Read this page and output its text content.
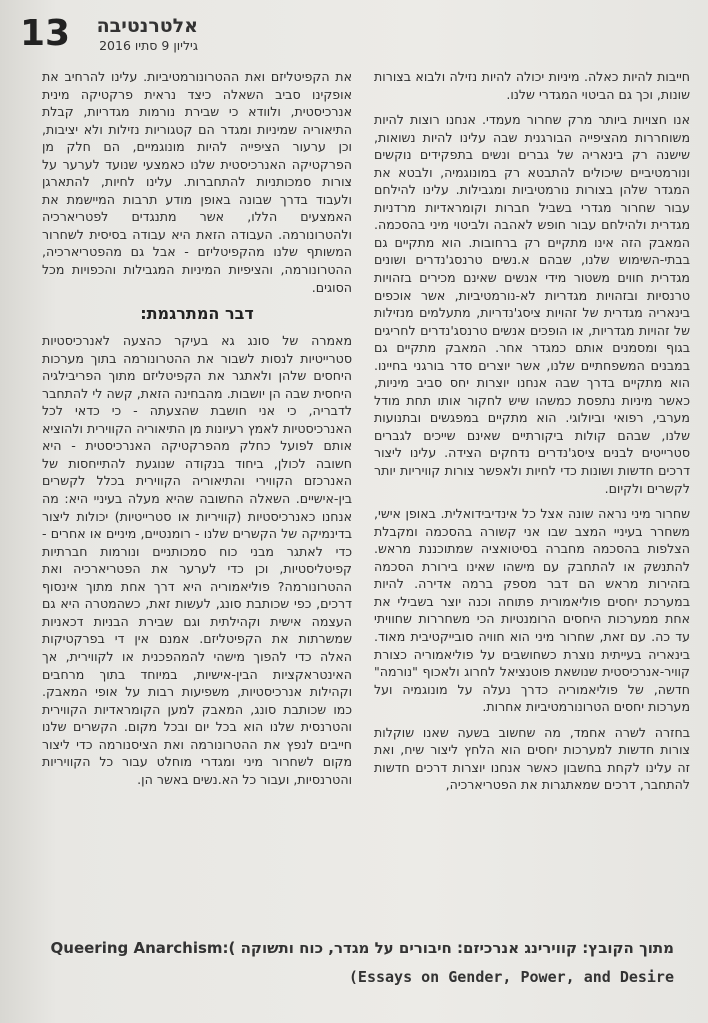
13	אלטרנטיבה
גיליון 9 סתיו 2016

חייבות להיות כאלה. מיניות יכולה להיות נזילה ולבוא בצורות שונות, וכך גם הביטוי המגדרי שלנו.

אנו חצויות ביותר מרק שחרור מעמדי. אנחנו רוצות להיות משוחררות מהציפייה הבורגנית שבה עלינו להיות נשואות, שישנה רק בינאריה של גברים ונשים בתפקידים נוקשים ונורמטיביים שיכולים להתבטא רק במונוגמיה, ולבטא את המגדר שלהן בצורות נורמטיביות ומגבילות. עלינו להילחם עבור שחרור מגדרי בשביל חברות וקומראדיות מרדניות מגדרית ולהילחם עבור חופש לאהבה ולביטוי מיני בהסכמה. המאבק הזה אינו מתקיים רק ברחובות. הוא מתקיים גם בבתי-השימוש שלנו, שבהם א.נשים טרנסג'נדרים ושונים מגדרית חווים משטור מידי אנשים שאינם מכירים בזהויות טרנסיות ובזהויות מגדריות לא-נורמטיביות, אשר אוכפים בינאריה מגדרית של זהויות ציסג'נדריות, מתעלמים מנזילות של זהויות מגדריות, או הופכים אנשים טרנסג'נדרים לחריגים בגוף ומסמנים אותם כמגדר אחר. המאבק מתקיים גם במבנים המשפחתיים שלנו, אשר יוצרים סדר בורגני בחיינו. הוא מתקיים בדרך שבה אנחנו יוצרות יחס סביב מיניות, כאשר מיניות נתפסת כמשהו שיש לחקור אותו תחת מודל מערבי, רפואי וביולוגי. הוא מתקיים במפגשים ובתנועות שלנו, שבהם קולות ביקורתיים שאינם שייכים לגברים סטרייטים לבנים ציסג'נדרים נדחקים הצידה. עלינו ליצור דרכים חדשות ושונות כדי לחיות ולאפשר צורות קוויריות יותר לקשרים ולקיום.

שחרור מיני נראה שונה אצל כל אינדיבידואלית. באופן אישי, משחרר בעיניי המצב שבו אני קשורה בהסכמה ומקבלת הצלפות בהסכמה מחברה בסיטואציה שמתוכננת מראש. להתנשק או להתחבק עם מישהו שאינו בירורת הסכמה בזהירות מראש הם דבר מספק ברמה אדירה. להיות במערכת יחסים פוליאמורית פתוחה וכנה יוצר בשבילי את אחת ממערכות היחסים הרומנטיות הכי משחררות שחוויתי עד כה. עם זאת, שחרור מיני הוא חוויה סובייקטיבית מאוד. בינאריה בעייתית נוצרת כשחושבים על פוליאמוריה כצורת קוויר-אנרכיסטית שנושאת פוטנציאל לחרוג ולאכוף "נורמה" חדשה, של פוליאמוריה כדרך נעלה על מונוגמיה ועל מערכות יחסים הטרונורמטיביות אחרות.

בחזרה לשרה אחמד, מה שחשוב בשעה שאנו שוקלות צורות חדשות למערכות יחסים הוא הלחץ ליצור שיח, ואת זה עלינו לקחת בחשבון כאשר אנחנו יוצרות דרכים חדשות להתחבר, דרכים שמאתגרות את הפטריארכיה,

את הקפיטליזם ואת ההטרונורמטיביות. עלינו להרחיב את אופקינו סביב השאלה כיצד נראית פרקטיקה מינית אנרכיסטית, ולוודא כי שבירת נורמות מגדריות, קבלת התיאוריה שמיניות ומגדר הם קטגוריות נזילות ולא יציבות, וכן ערעור הציפייה להיות מונוגמיים, הם חלק מן הפרקטיקה האנרכיסטית שלנו כאמצעי שנועד לערער על צורות סמכותניות להתחברות. עלינו לחיות, להתארגן ולעבוד בדרך שבונה באופן מודע תרבות המיישמת את האמצעים הללו, אשר מתנגדים לפטריארכיה ולהטרונורמה. העבודה הזאת היא עבודה בסיסית לשחרור המשותף שלנו מהקפיטליזם - אבל גם מהפטריארכיה, ההטרונורמה, והציפיות המיניות המגבילות והכפויות מכל הסוגים.

דבר המתרגמת:

מאמרה של סונג גא בעיקר כהצעה לאנרכיסטיות סטרייטיות לנסות לשבור את ההטרונורמה בתוך מערכות היחסים שלהן ולאתגר את הקפיטליזם מתוך הפריבילגיה היחסית שבה הן יושבות. מהבחינה הזאת, קשה לי להתחבר לדבריה, כי אני חושבת שהצעתה - כי כדאי לכל האנרכיסטיות לאמץ רעיונות מן התיאוריה הקווירית ולהוציא אותם לפועל כחלק מהפרקטיקה האנרכיסטית - היא חשובה לכולן, ביחוד בנקודה שנוגעת להתייחסות של האנרכזם הקווירי והתיאוריה הקווירית בכלל לקשרים בין-אישיים. השאלה החשובה שהיא מעלה בעיניי היא: מה אנחנו כאנרכיסטיות (קוויריות או סטרייטיות) יכולות ליצור בדינמיקה של הקשרים שלנו - רומנטיים, מיניים או אחרים - כדי לאתגר מבני כוח סמכותניים ונורמות חברתיות קפיטליסטיות, וכן כדי לערער את הפטריארכיה ואת ההטרונורמה? פוליאמוריה היא דרך אחת מתוך אינסוף דרכים, כפי שכותבת סונג, לעשות זאת, כשהמטרה היא גם העצמה אישית וקהילתית וגם שבירת הבניות דכאניות שמשרתות את הקפיטליזם. אמנם אין די בפרקטיקות האלה כדי להפוך מישהי להמהפכנית או לקווירית, אך האינטראקציות הבין-אישיות, במיוחד בתוך מרחבים וקהילות אנרכיסטיות, משפיעות רבות על אופי המאבק. כמו שכותבת סונג, המאבק למען הקומראדיות הקווירית והטרנסית שלנו הוא בכל יום ובכל מקום. הקשרים שלנו חייבים לנפץ את ההטרונורמה ואת הציסנורמה כדי ליצור מקום לשחרור מיני ומגדרי מוחלט עבור כל הקוויריות והטרנסיות, ועבור כל הא.נשים באשר הן.

מתוך הקובץ: קווירינג אנרכיזם: חיבורים על מגדר, כוח ותשוקה ):Queering Anarchism
(Essays on Gender, Power, and Desire
